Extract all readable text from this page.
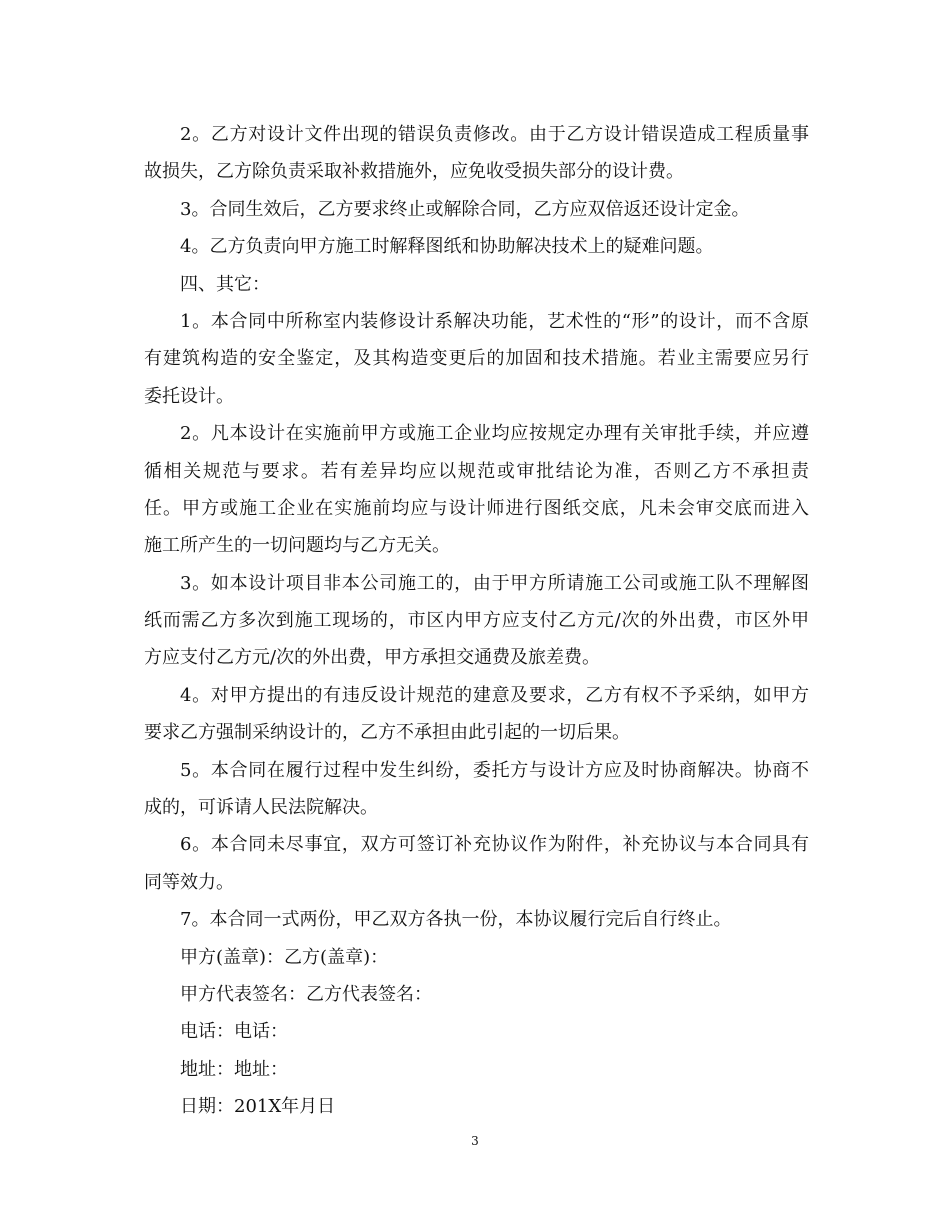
2。乙方对设计文件出现的错误负责修改。由于乙方设计错误造成工程质量事
故损失，乙方除负责采取补救措施外，应免收受损失部分的设计费。
3。合同生效后，乙方要求终止或解除合同，乙方应双倍返还设计定金。
4。乙方负责向甲方施工时解释图纸和协助解决技术上的疑难问题。
四、其它：
1。本合同中所称室内装修设计系解决功能，艺术性的“形”的设计，而不含原
有建筑构造的安全鉴定，及其构造变更后的加固和技术措施。若业主需要应另行
委托设计。
2。凡本设计在实施前甲方或施工企业均应按规定办理有关审批手续，并应遵
循相关规范与要求。若有差异均应以规范或审批结论为准，否则乙方不承担责
任。甲方或施工企业在实施前均应与设计师进行图纸交底，凡未会审交底而进入
施工所产生的一切问题均与乙方无关。
3。如本设计项目非本公司施工的，由于甲方所请施工公司或施工队不理解图
纸而需乙方多次到施工现场的，市区内甲方应支付乙方元/次的外出费，市区外甲
方应支付乙方元/次的外出费，甲方承担交通费及旅差费。
4。对甲方提出的有违反设计规范的建意及要求，乙方有权不予采纳，如甲方
要求乙方强制采纳设计的，乙方不承担由此引起的一切后果。
5。本合同在履行过程中发生纠纷，委托方与设计方应及时协商解决。协商不
成的，可诉请人民法院解决。
6。本合同未尽事宜，双方可签订补充协议作为附件，补充协议与本合同具有
同等效力。
7。本合同一式两份，甲乙双方各执一份，本协议履行完后自行终止。
甲方(盖章)：乙方(盖章)：
甲方代表签名：乙方代表签名：
电话：电话：
地址：地址：
日期：201X年月日
3
